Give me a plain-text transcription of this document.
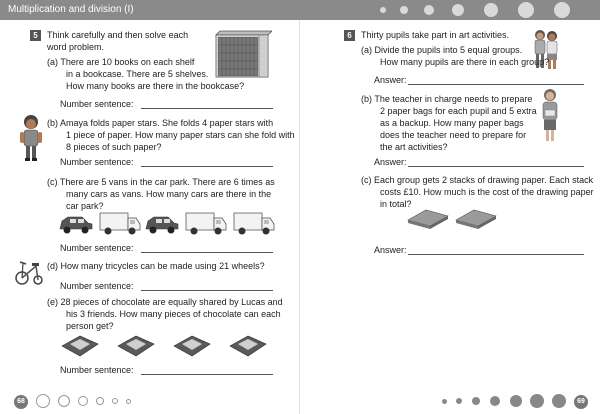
Multiplication and division (I)
5	Think carefully and then solve each
word problem.
(a) There are 10 books on each shelf
in a bookcase. There are 5 shelves.
How many books are there in the bookcase?
Number sentence:
(b) Amaya folds paper stars. She folds 4 paper stars with
1 piece of paper. How many paper stars can she fold with
8 pieces of such paper?
Number sentence:
(c) There are 5 vans in the car park. There are 6 times as
many cars as vans. How many cars are there in the
car park?
Number sentence:
(d) How many tricycles can be made using 21 wheels?
Number sentence:
(e) 28 pieces of chocolate are equally shared by Lucas and
his 3 friends. How many pieces of chocolate can each
person get?
Number sentence:
68
6	Thirty pupils take part in art activities.
(a) Divide the pupils into 5 equal groups.
How many pupils are there in each group?
Answer:
(b) The teacher in charge needs to prepare
2 paper bags for each pupil and 5 extra
as a backup. How many paper bags
does the teacher need to prepare for
the art activities?
Answer:
(c) Each group gets 2 stacks of drawing paper. Each stack
costs £10. How much is the cost of the drawing paper
in total?
Answer:
69
